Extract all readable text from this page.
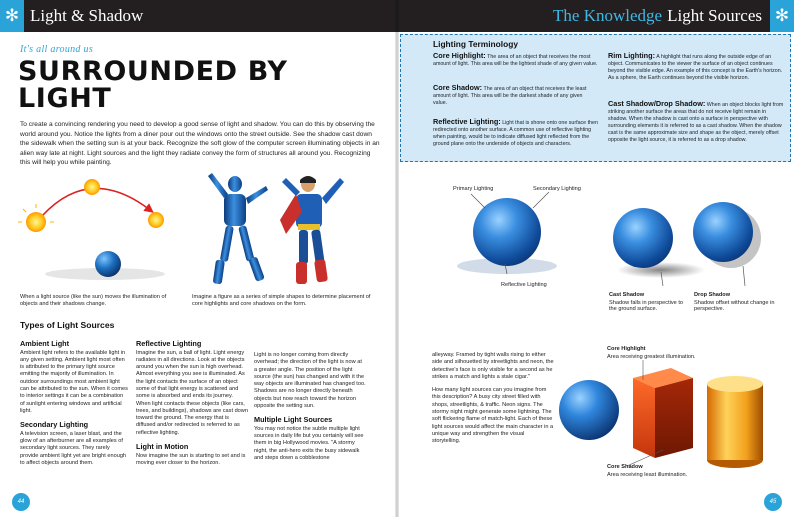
Light & Shadow
✻
It's all around us
SURROUNDED BY LIGHT
To create a convincing rendering you need to develop a good sense of light and shadow. You can do this by observing the world around you. Notice the lights from a diner pour out the windows onto the street outside. See the shadow cast down the sidewalk when the setting sun is at your back. Recognize the soft glow of the computer screen illuminating objects in an alien way late at night. Light sources and the light they radiate convey the form of structures all around you. Recognizing this will help you while painting.
When a light source (like the sun) moves the illumination of objects and their shadows change.
Imagine a figure as a series of simple shapes to determine placement of core highlights and core shadows on the form.
Types of Light Sources
Ambient Light

Ambient light refers to the available light in any given setting. Ambient light most often is attributed to the primary light source emitting the majority of illumination. In outdoor surroundings most ambient light can be attributed to the sun. When it comes to interior settings it can be a combination of sunlight entering windows and artificial light.

Secondary Lighting

A television screen, a laser blast, and the glow of an afterburner are all examples of secondary light sources. They rarely provide ambient light yet are bright enough to affect objects around them.

Reflective Lighting

Imagine the sun, a ball of light. Light energy radiates in all directions. Look at the objects around you when the sun is high overhead. Almost everything you see is illuminated. As the light contacts the surface of an object some of that light energy is scattered and some is absorbed and ends its journey. When light contacts these objects (like cars, trees, and buildings), shadows are cast down toward the ground. The energy that is diffused and/or redirected is referred to as reflective lighting.

Light in Motion

Now imagine the sun is starting to set and is moving ever closer to the horizon.

Light is no longer coming from directly overhead; the direction of the light is now at a greater angle. The position of the light source (the sun) has changed and with it the way objects are illuminated has changed too. Shadows are no longer directly beneath objects but now reach toward the horizon opposite the setting sun.

Multiple Light Sources

You may not notice the subtle multiple light sources in daily life but you certainly will see them in big Hollywood movies. "A stormy night, the anti-hero exits the busy sidewalk and steps down a cobblestone

44
The Knowledge Light Sources ✻
Lighting Terminology
Core Highlight: The area of an object that receives the most amount of light. This area will be the lightest shade of any given value.
Core Shadow: The area of an object that receives the least amount of light. This area will be the darkest shade of any given value.
Reflective Lighting: Light that is shone onto one surface then redirected onto another surface. A common use of reflective lighting when painting, would be to indicate diffused light reflected from the ground plane onto the underside of objects and characters.
Rim Lighting: A highlight that runs along the outside edge of an object. Communicates to the viewer the surface of an object continues beyond the visible edge. An example of this concept is the Earth's horizon. As a sphere, the Earth continues beyond the visible horizon.
Cast Shadow/Drop Shadow: When an object blocks light from striking another surface the areas that do not receive light remain in shadow. When the shadow is cast onto a surface in perspective with surrounding elements it is referred to as a cast shadow. When the shadow cast is the same approximate size and shape as the object, merely offset opposite the light source, it is referred to as a drop shadow.
Primary Lighting	Secondary Lighting
Reflective Lighting
Cast Shadow
Shadow falls in perspective to the ground surface.
Drop Shadow
Shadow offset without change in perspective.

alleyway. Framed by tight walls rising to either side and silhouetted by streetlights and neon, the detective's face is only visible for a second as he strikes a match and lights a stale cigar."

How many light sources can you imagine from this description? A busy city street filled with shops, streetlights, & traffic. Neon signs. The stormy night might generate some lightning. The soft flickering flame of match-light. Each of these light sources would affect the main character in a unique way and strengthen the visual storytelling.

Core Highlight
Area receiving greatest illumination.
Core Shadow
Area receiving least illumination.
45
